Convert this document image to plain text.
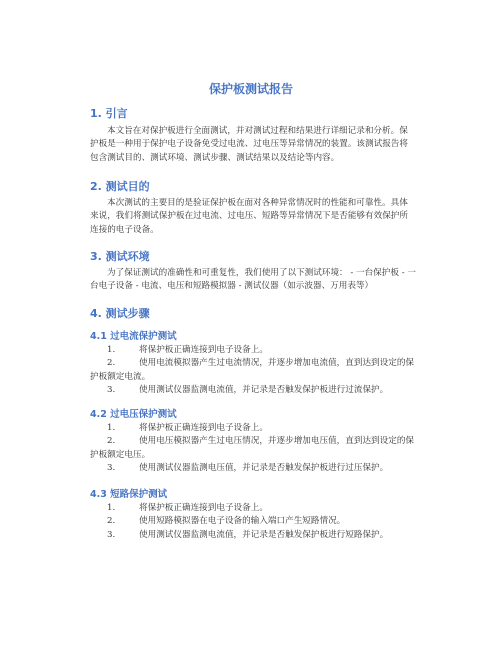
保护板测试报告
1. 引言
本文旨在对保护板进行全面测试，并对测试过程和结果进行详细记录和分析。保护板是一种用于保护电子设备免受过电流、过电压等异常情况的装置。该测试报告将包含测试目的、测试环境、测试步骤、测试结果以及结论等内容。
2. 测试目的
本次测试的主要目的是验证保护板在面对各种异常情况时的性能和可靠性。具体来说，我们将测试保护板在过电流、过电压、短路等异常情况下是否能够有效保护所连接的电子设备。
3. 测试环境
为了保证测试的准确性和可重复性，我们使用了以下测试环境： - 一台保护板 - 一台电子设备 - 电流、电压和短路模拟器 - 测试仪器（如示波器、万用表等）
4. 测试步骤
4.1 过电流保护测试
1.	将保护板正确连接到电子设备上。
2.	使用电流模拟器产生过电流情况，并逐步增加电流值，直到达到设定的保护板额定电流。
3.	使用测试仪器监测电流值，并记录是否触发保护板进行过流保护。
4.2 过电压保护测试
1.	将保护板正确连接到电子设备上。
2.	使用电压模拟器产生过电压情况，并逐步增加电压值，直到达到设定的保护板额定电压。
3.	使用测试仪器监测电压值，并记录是否触发保护板进行过压保护。
4.3 短路保护测试
1.	将保护板正确连接到电子设备上。
2.	使用短路模拟器在电子设备的输入端口产生短路情况。
3.	使用测试仪器监测电流值，并记录是否触发保护板进行短路保护。
